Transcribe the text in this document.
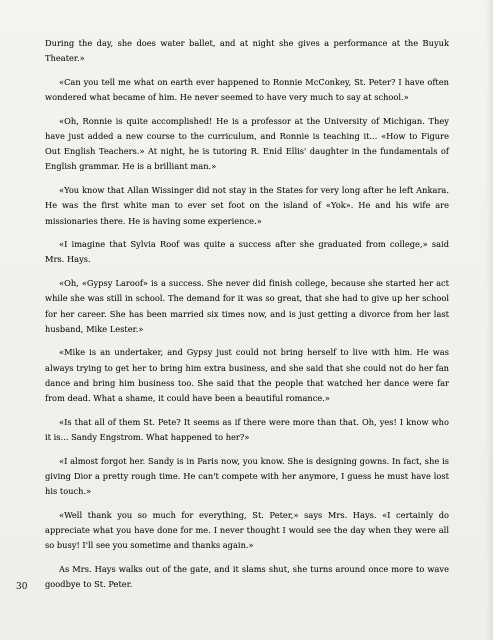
During the day, she does water ballet, and at night she gives a performance at the Buyuk Theater.»

«Can you tell me what on earth ever happened to Ronnie McConkey, St. Peter? I have often wondered what became of him. He never seemed to have very much to say at school.»

«Oh, Ronnie is quite accomplished! He is a professor at the University of Michigan. They have just added a new course to the curriculum, and Ronnie is teaching it... «How to Figure Out English Teachers.» At night, he is tutoring R. Enid Ellis' daughter in the fundamentals of English grammar. He is a brilliant man.»

«You know that Allan Wissinger did not stay in the States for very long after he left Ankara. He was the first white man to ever set foot on the island of «Yok». He and his wife are missionaries there. He is having some experience.»

«I imagine that Sylvia Roof was quite a success after she graduated from college,» said Mrs. Hays.

«Oh, «Gypsy Laroof» is a success. She never did finish college, because she started her act while she was still in school. The demand for it was so great, that she had to give up her school for her career. She has been married six times now, and is just getting a divorce from her last husband, Mike Lester.»

«Mike is an undertaker, and Gypsy just could not bring herself to live with him. He was always trying to get her to bring him extra business, and she said that she could not do her fan dance and bring him business too. She said that the people that watched her dance were far from dead. What a shame, it could have been a beautiful romance.»

«Is that all of them St. Pete? It seems as if there were more than that. Oh, yes! I know who it is... Sandy Engstrom. What happened to her?»

«I almost forgot her. Sandy is in Paris now, you know. She is designing gowns. In fact, she is giving Dior a pretty rough time. He can't compete with her anymore, I guess he must have lost his touch.»

«Well thank you so much for everything, St. Peter,» says Mrs. Hays. «I certainly do appreciate what you have done for me. I never thought I would see the day when they were all so busy! I'll see you sometime and thanks again.»

As Mrs. Hays walks out of the gate, and it slams shut, she turns around once more to wave goodbye to St. Peter.

30
